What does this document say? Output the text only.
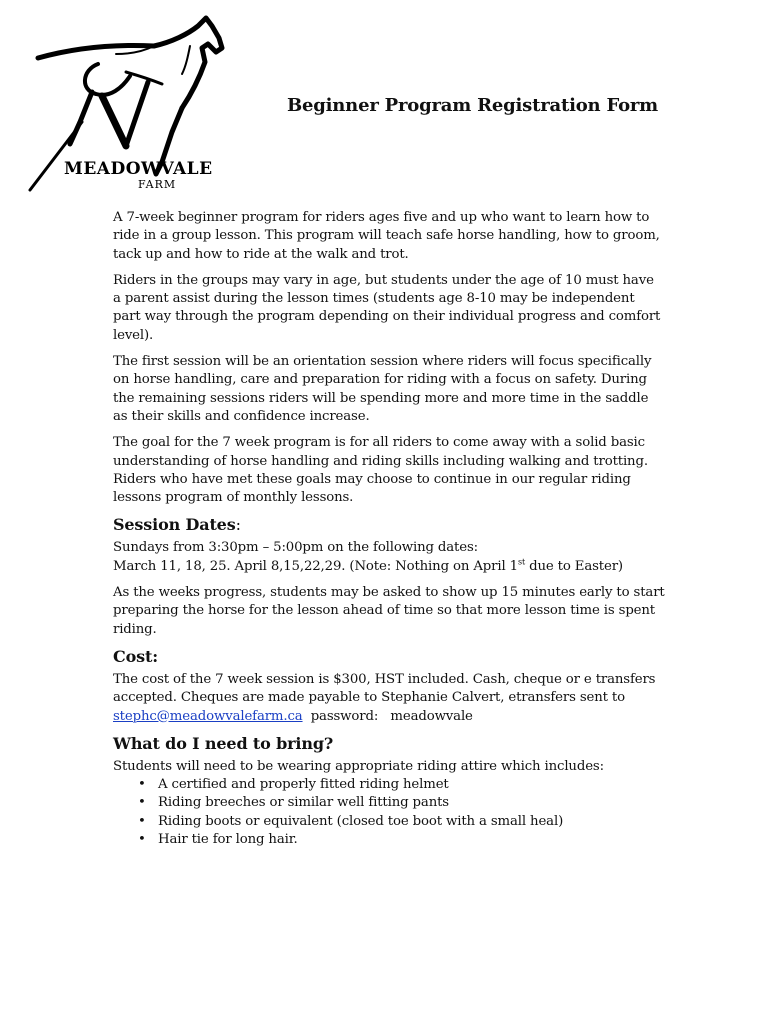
MEADOWVALE
FARM
Beginner Program Registration Form

A 7-week beginner program for riders ages five and up who want to learn how to ride in a group lesson. This program will teach safe horse handling, how to groom, tack up and how to ride at the walk and trot.

Riders in the groups may vary in age, but students under the age of 10 must have a parent assist during the lesson times (students age 8-10 may be independent part way through the program depending on their individual progress and comfort level).

The first session will be an orientation session where riders will focus specifically on horse handling, care and preparation for riding with a focus on safety. During the remaining sessions riders will be spending more and more time in the saddle as their skills and confidence increase.

The goal for the 7 week program is for all riders to come away with a solid basic understanding of horse handling and riding skills including walking and trotting. Riders who have met these goals may choose to continue in our regular riding lessons program of monthly lessons.

Session Dates:

Sundays from 3:30pm – 5:00pm on the following dates:
March 11, 18, 25. April 8,15,22,29. (Note: Nothing on April 1st due to Easter)

As the weeks progress, students may be asked to show up 15 minutes early to start preparing the horse for the lesson ahead of time so that more lesson time is spent riding.

Cost:

The cost of the 7 week session is $300, HST included. Cash, cheque or e transfers accepted. Cheques are made payable to Stephanie Calvert, etransfers sent to stephc@meadowvalefarm.ca  password:   meadowvale

What do I need to bring?

Students will need to be wearing appropriate riding attire which includes:

• A certified and properly fitted riding helmet
• Riding breeches or similar well fitting pants
• Riding boots or equivalent (closed toe boot with a small heal)
• Hair tie for long hair.
